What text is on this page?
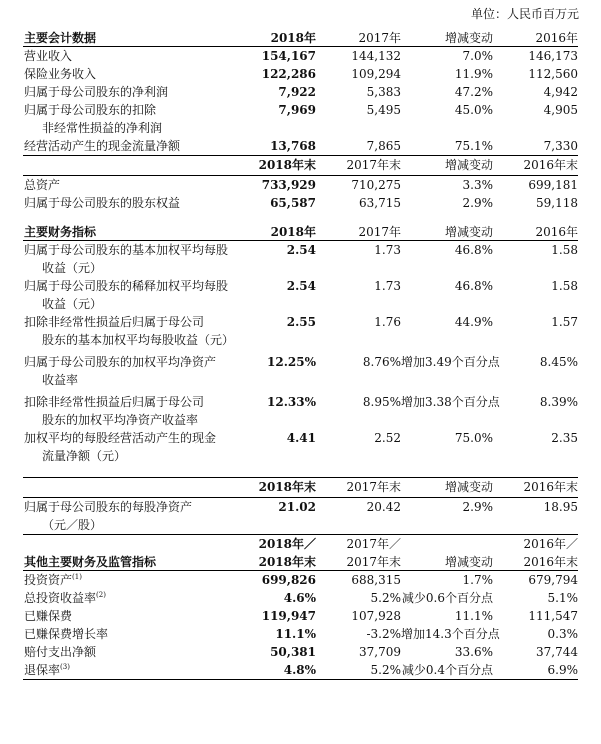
单位：人民币百万元
主要会计数据	2018年	2017年	增减变动	2016年
营业收入	154,167	144,132	7.0%	146,173
保险业务收入	122,286	109,294	11.9%	112,560
归属于母公司股东的净利润	7,922	5,383	47.2%	4,942
归属于母公司股东的扣除
非经常性损益的净利润	7,969	5,495	45.0%	4,905
经营活动产生的现金流量净额	13,768	7,865	75.1%	7,330
	2018年末	2017年末	增减变动	2016年末
总资产	733,929	710,275	3.3%	699,181
归属于母公司股东的股东权益	65,587	63,715	2.9%	59,118

主要财务指标	2018年	2017年	增减变动	2016年
归属于母公司股东的基本加权平均每股
收益（元）	2.54	1.73	46.8%	1.58
归属于母公司股东的稀释加权平均每股
收益（元）	2.54	1.73	46.8%	1.58
扣除非经常性损益后归属于母公司
股东的基本加权平均每股收益（元）	2.55	1.76	44.9%	1.57
归属于母公司股东的加权平均净资产
收益率	12.25%	8.76%	增加3.49个百分点	8.45%
扣除非经常性损益后归属于母公司
股东的加权平均净资产收益率	12.33%	8.95%	增加3.38个百分点	8.39%
加权平均的每股经营活动产生的现金
流量净额（元）	4.41	2.52	75.0%	2.35

	2018年末	2017年末	增减变动	2016年末
归属于母公司股东的每股净资产
（元／股）	21.02	20.42	2.9%	18.95
	2018年／	2017年／		2016年／
其他主要财务及监管指标	2018年末	2017年末	增减变动	2016年末
投资资产$^{(1)}$	699,826	688,315	1.7%	679,794
总投资收益率$^{(2)}$	4.6%	5.2%	减少0.6个百分点	5.1%
已赚保费	119,947	107,928	11.1%	111,547
已赚保费增长率	11.1%	-3.2%	增加14.3个百分点	0.3%
赔付支出净额	50,381	37,709	33.6%	37,744
退保率$^{(3)}$	4.8%	5.2%	减少0.4个百分点	6.9%
